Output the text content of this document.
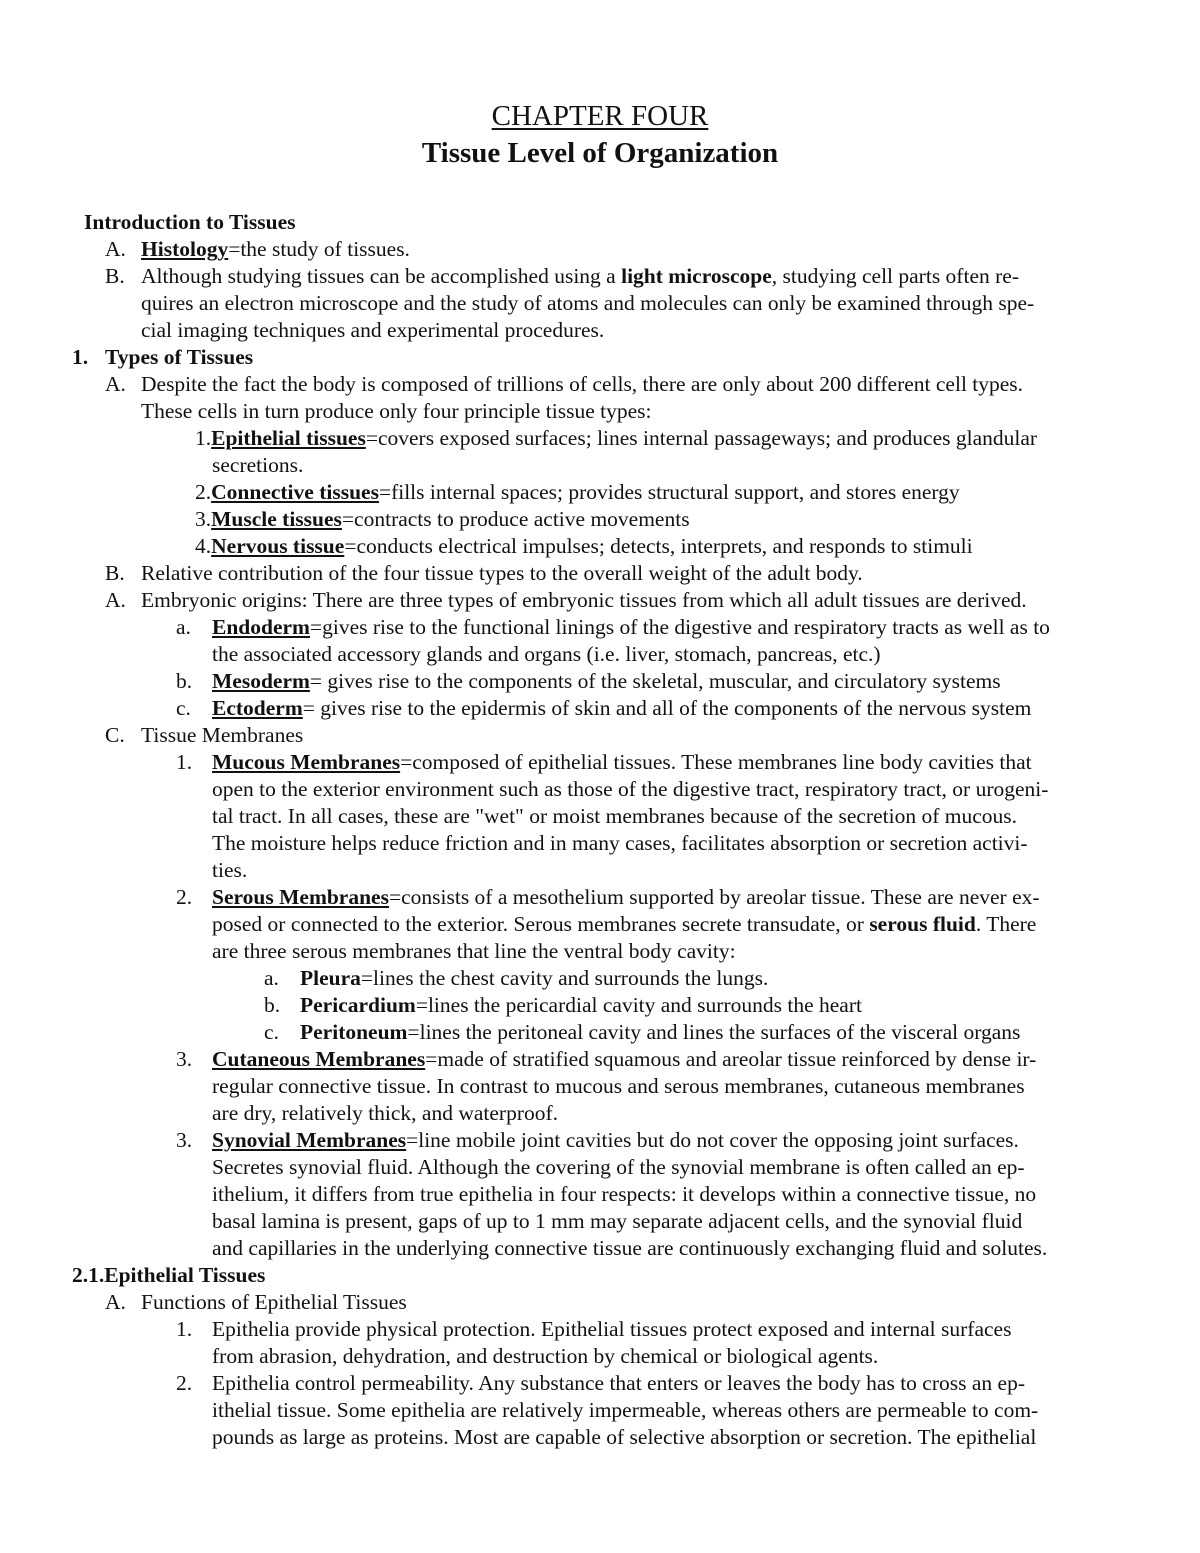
CHAPTER FOUR
Tissue Level of Organization
Introduction to Tissues
A. Histology=the study of tissues.
B. Although studying tissues can be accomplished using a light microscope, studying cell parts often re-
quires an electron microscope and the study of atoms and molecules can only be examined through spe-
cial imaging techniques and experimental procedures.
1. Types of Tissues
A. Despite the fact the body is composed of trillions of cells, there are only about 200 different cell types.
These cells in turn produce only four principle tissue types:
1.Epithelial tissues=covers exposed surfaces; lines internal passageways; and produces glandular
secretions.
2.Connective tissues=fills internal spaces; provides structural support, and stores energy
3.Muscle tissues=contracts to produce active movements
4.Nervous tissue=conducts electrical impulses; detects, interprets, and responds to stimuli
B. Relative contribution of the four tissue types to the overall weight of the adult body.
A. Embryonic origins: There are three types of embryonic tissues from which all adult tissues are derived.
a. Endoderm=gives rise to the functional linings of the digestive and respiratory tracts as well as to
the associated accessory glands and organs (i.e. liver, stomach, pancreas, etc.)
b. Mesoderm= gives rise to the components of the skeletal, muscular, and circulatory systems
c. Ectoderm= gives rise to the epidermis of skin and all of the components of the nervous system
C. Tissue Membranes
1. Mucous Membranes=composed of epithelial tissues. These membranes line body cavities that
open to the exterior environment such as those of the digestive tract, respiratory tract, or urogeni-
tal tract. In all cases, these are "wet" or moist membranes because of the secretion of mucous.
The moisture helps reduce friction and in many cases, facilitates absorption or secretion activi-
ties.
2. Serous Membranes=consists of a mesothelium supported by areolar tissue. These are never ex-
posed or connected to the exterior. Serous membranes secrete transudate, or serous fluid. There
are three serous membranes that line the ventral body cavity:
a. Pleura=lines the chest cavity and surrounds the lungs.
b. Pericardium=lines the pericardial cavity and surrounds the heart
c. Peritoneum=lines the peritoneal cavity and lines the surfaces of the visceral organs
3. Cutaneous Membranes=made of stratified squamous and areolar tissue reinforced by dense ir-
regular connective tissue. In contrast to mucous and serous membranes, cutaneous membranes
are dry, relatively thick, and waterproof.
3. Synovial Membranes=line mobile joint cavities but do not cover the opposing joint surfaces.
Secretes synovial fluid. Although the covering of the synovial membrane is often called an ep-
ithelium, it differs from true epithelia in four respects: it develops within a connective tissue, no
basal lamina is present, gaps of up to 1 mm may separate adjacent cells, and the synovial fluid
and capillaries in the underlying connective tissue are continuously exchanging fluid and solutes.
2.1.Epithelial Tissues
A. Functions of Epithelial Tissues
1. Epithelia provide physical protection. Epithelial tissues protect exposed and internal surfaces
from abrasion, dehydration, and destruction by chemical or biological agents.
2. Epithelia control permeability. Any substance that enters or leaves the body has to cross an ep-
ithelial tissue. Some epithelia are relatively impermeable, whereas others are permeable to com-
pounds as large as proteins. Most are capable of selective absorption or secretion. The epithelial
